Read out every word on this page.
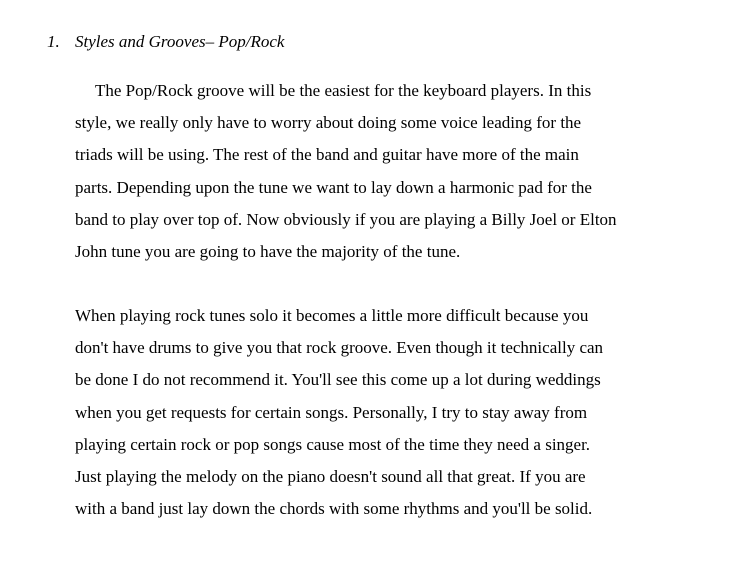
1. Styles and Grooves– Pop/Rock
The Pop/Rock groove will be the easiest for the keyboard players. In this
style, we really only have to worry about doing some voice leading for the
triads will be using. The rest of the band and guitar have more of the main
parts. Depending upon the tune we want to lay down a harmonic pad for the
band to play over top of. Now obviously if you are playing a Billy Joel or Elton
John tune you are going to have the majority of the tune.
When playing rock tunes solo it becomes a little more difficult because you
don't have drums to give you that rock groove. Even though it technically can
be done I do not recommend it. You'll see this come up a lot during weddings
when you get requests for certain songs. Personally, I try to stay away from
playing certain rock or pop songs cause most of the time they need a singer.
Just playing the melody on the piano doesn't sound all that great. If you are
with a band just lay down the chords with some rhythms and you'll be solid.
